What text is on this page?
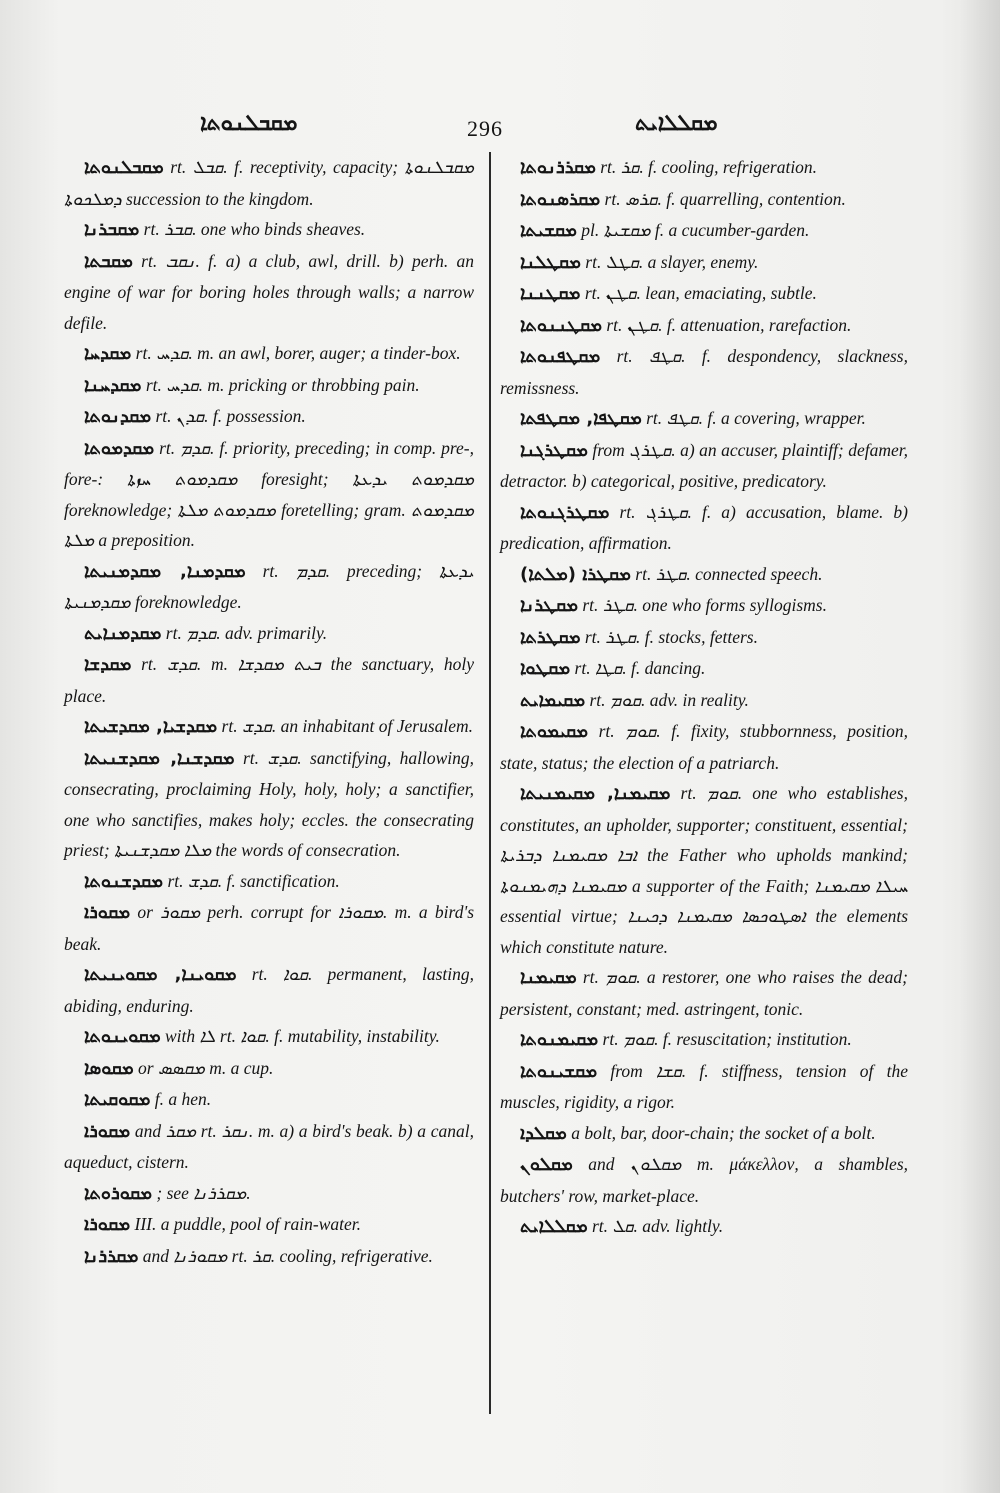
ܡܩܒܠܢܘܬܐ	296	ܡܩܠܠܐܝܬ

ܡܩܒܠܢܘܬܐ rt. ܩܒܠ. f. receptivity, capacity; ܡܩܒܠܢܘܬܐ ܕܡܠܟܘܬܐ succession to the kingdom.

ܡܩܒܪܢܐ rt. ܩܒܪ. one who binds sheaves.

ܡܩܒܬܐ rt. ܢܩܒ. f. a) a club, awl, drill. b) perh. an engine of war for boring holes through walls; a narrow defile.

ܡܩܕܚܐ rt. ܩܕܚ. m. an awl, borer, auger; a tinder-box.

ܡܩܕܚܢܐ rt. ܩܕܚ. m. pricking or throbbing pain.

ܡܩܕܢܘܬܐ rt. ܩܕܢ. f. possession.

ܡܩܕܡܘܬܐ rt. ܩܕܡ. f. priority, preceding; in comp. pre-, fore-: ܡܩܕܡܘܬ ܚܙܬܐ foresight; ܡܩܕܡܘܬ ܝܕܥܬܐ foreknowledge; ܡܩܕܡܘܬ ܡܠܬܐ foretelling; gram. ܡܩܕܡܘܬ ܡܠܬܐ a preposition.

ܡܩܕܡܢܐ, ܡܩܕܡܢܝܬܐ rt. ܩܕܡ. preceding; ܝܕܥܬܐ ܡܩܕܡܢܝܬܐ foreknowledge.

ܡܩܕܡܢܐܝܬ rt. ܩܕܡ. adv. primarily.

ܡܩܕܫܐ rt. ܩܕܫ. m. ܒܝܬ ܡܩܕܫܐ the sanctuary, holy place.

ܡܩܕܫܝܐ, ܡܩܕܫܝܬܐ rt. ܩܕܫ. an inhabitant of Jerusalem.

ܡܩܕܫܢܐ, ܡܩܕܫܢܝܬܐ rt. ܩܕܫ. sanctifying, hallowing, consecrating, proclaiming Holy, holy, holy; a sanctifier, one who sanctifies, makes holy; eccles. the consecrating priest; ܡܠܐ ܡܩܕܫܢܝܬܐ the words of consecration.

ܡܩܕܫܢܘܬܐ rt. ܩܕܫ. f. sanctification.

ܡܩܘܪܐ or ܡܩܘܪ perh. corrupt for ܡܩܘܪܐ. m. a bird's beak.

ܡܩܘܝܢܐ, ܡܩܘܝܢܝܬܐ rt. ܩܘܐ. permanent, lasting, abiding, enduring.

ܡܩܘܝܢܘܬܐ with ܠܐ rt. ܩܘܐ. f. mutability, instability.

ܡܩܘܣܐ or ܡܩܣܣ m. a cup.

ܡܩܘܩܝܬܐ f. a hen.

ܡܩܘܪܐ and ܡܩܪ rt. ܢܩܪ. m. a) a bird's beak. b) a canal, aqueduct, cistern.

ܡܩܘܪܘܬܐ ; see ܡܩܪܪܢܐ.

ܡܩܘܪܐ III. a puddle, pool of rain-water.

ܡܩܪܪܢܐ and ܡܩܘܪܢܐ rt. ܩܪ. cooling, refrigerative.

ܡܩܪܪܢܘܬܐ rt. ܩܪ. f. cooling, refrigeration.

ܡܩܪܣܢܘܬܐ rt. ܩܪܣ. f. quarrelling, contention.

ܡܩܫܝܬܐ pl. ܡܩܫܝܬܐ f. a cucumber-garden.

ܡܩܛܠܢܐ rt. ܩܛܠ. a slayer, enemy.

ܡܩܛܢܢܐ rt. ܩܛܢ. lean, emaciating, subtle.

ܡܩܛܢܢܘܬܐ rt. ܩܛܢ. f. attenuation, rarefaction.

ܡܩܛܦܢܘܬܐ rt. ܩܛܦ. f. despondency, slackness, remissness.

ܡܩܛܦܐ, ܡܩܛܦܬܐ rt. ܩܛܦ. f. a covering, wrapper.

ܡܩܛܪܓܢܐ from ܩܛܪܓ. a) an accuser, plaintiff; defamer, detractor. b) categorical, positive, predicatory.

ܡܩܛܪܓܢܘܬܐ rt. ܩܛܪܓ. f. a) accusation, blame. b) predication, affirmation.

ܡܩܛܪܐ (ܡܠܬܐ) rt. ܩܛܪ. connected speech.

ܡܩܛܪܢܐ rt. ܩܛܪ. one who forms syllogisms.

ܡܩܛܪܬܐ rt. ܩܛܪ. f. stocks, fetters.

ܡܩܛܘܐ rt. ܩܛܐ. f. dancing.

ܡܩܝܡܐܝܬ rt. ܩܘܡ. adv. in reality.

ܡܩܝܡܘܬܐ rt. ܩܘܡ. f. fixity, stubbornness, position, state, status; the election of a patriarch.

ܡܩܝܡܢܐ, ܡܩܝܡܢܝܬܐ rt. ܩܘܡ. one who establishes, constitutes, an upholder, supporter; constituent, essential; ܐܒܐ ܡܩܝܡܢܐ ܕܒܪܝܬܐ the Father who upholds mankind; ܡܩܝܡܢܐ ܕܗܝܡܢܘܬܐ a supporter of the Faith; ܚܝܠܐ ܡܩܝܡܢܐ essential virtue; ܐܣܛܘܟܣܐ ܡܩܝܡܢܐ ܕܟܝܢܐ the elements which constitute nature.

ܡܩܝܡܢܐ rt. ܩܘܡ. a restorer, one who raises the dead; persistent, constant; med. astringent, tonic.

ܡܩܝܡܢܘܬܐ rt. ܩܘܡ. f. resuscitation; institution.

ܡܩܫܝܢܘܬܐ from ܩܫܐ. f. stiffness, tension of the muscles, rigidity, a rigor.

ܡܩܠܕܐ a bolt, bar, door-chain; the socket of a bolt.

ܡܩܠܘܢ and ܡܩܠܘܢ m. μάκελλον, a shambles, butchers' row, market-place.

ܡܩܠܠܐܝܬ rt. ܩܠ. adv. lightly.
